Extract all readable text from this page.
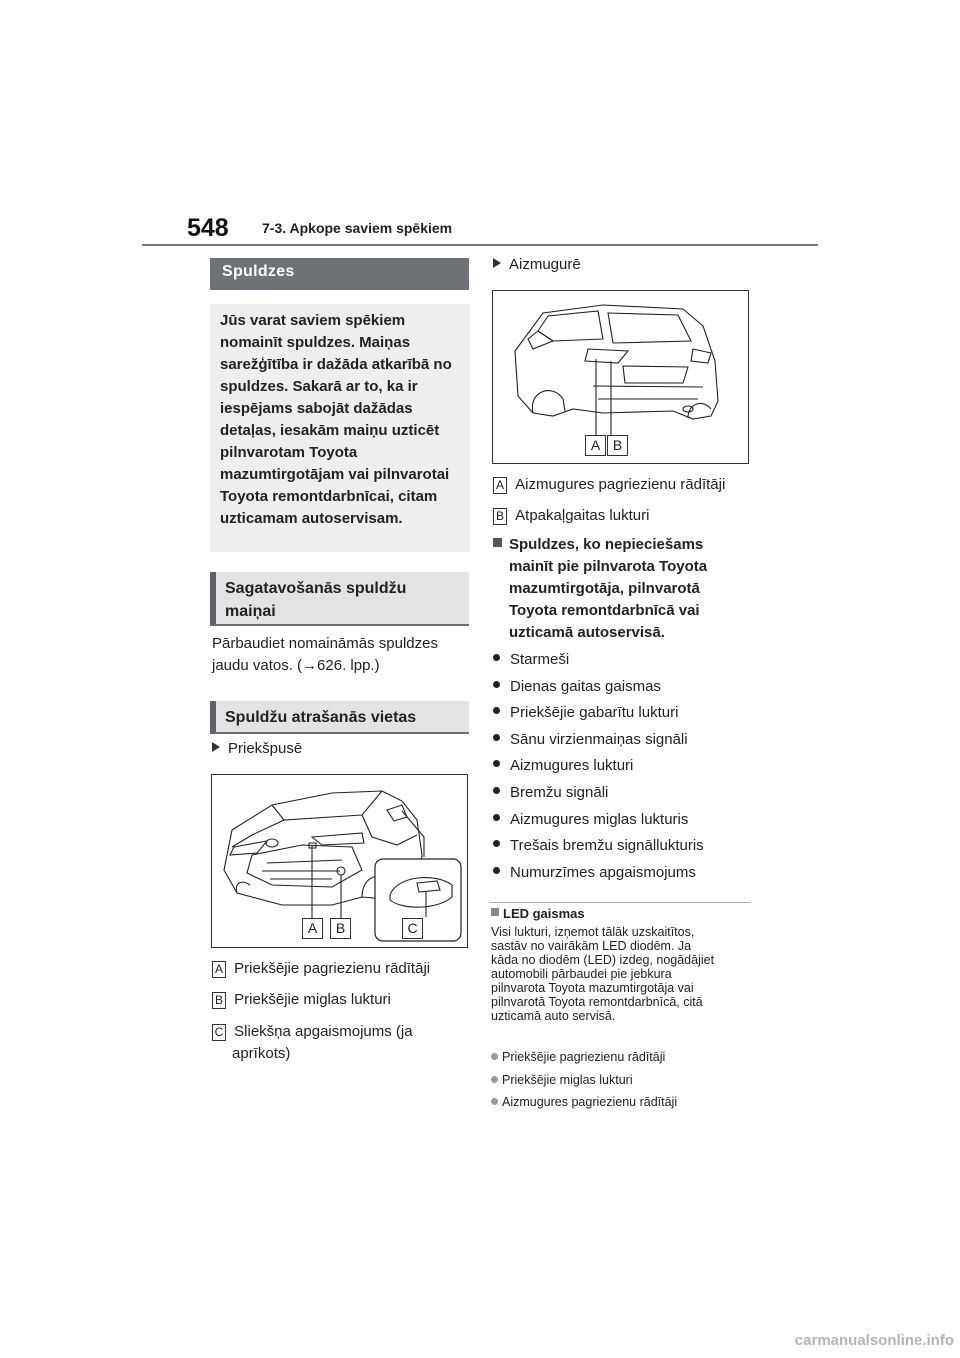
548 7-3. Apkope saviem spēkiem
Spuldzes
Jūs varat saviem spēkiem nomainīt spuldzes. Maiņas sarežģītība ir dažāda atkarībā no spuldzes. Sakarā ar to, ka ir iespējams sabojāt dažādas detaļas, iesakām maiņu uzticēt pilnvarotam Toyota mazumtirgotājam vai pilnvarotai Toyota remontdarbnīcai, citam uzticamam autoservisam.
Sagatavošanās spuldžu maiņai
Pārbaudiet nomaināmās spuldzes
jaudu vatos. (→626. lpp.)
Spuldžu atrašanās vietas
Priekšpusē
A	B	C
A Priekšējie pagriezienu rādītāji
B Priekšējie miglas lukturi
C Sliekšņa apgaismojums (ja
aprīkots)
Aizmugurē
A B
A Aizmugures pagriezienu rādītāji
B Atpakaļgaitas lukturi
Spuldzes, ko nepieciešams
mainīt pie pilnvarota Toyota
mazumtirgotāja, pilnvarotā
Toyota remontdarbnīcā vai
uzticamā autoservisā.
Starmeši
Dienas gaitas gaismas
Priekšējie gabarītu lukturi
Sānu virzienmaiņas signāli
Aizmugures lukturi
Bremžu signāli
Aizmugures miglas lukturis
Trešais bremžu signāllukturis
Numurzīmes apgaismojums
LED gaismas
Visi lukturi, izņemot tālāk uzskaitītos,
sastāv no vairākām LED diodēm. Ja
kāda no diodēm (LED) izdeg, nogādājiet
automobili pārbaudei pie jebkura
pilnvarota Toyota mazumtirgotāja vai
pilnvarotā Toyota remontdarbnīcā, citā
uzticamā auto servisā.
Priekšējie pagriezienu rādītāji
Priekšējie miglas lukturi
Aizmugures pagriezienu rādītāji
carmanualsonline.info
